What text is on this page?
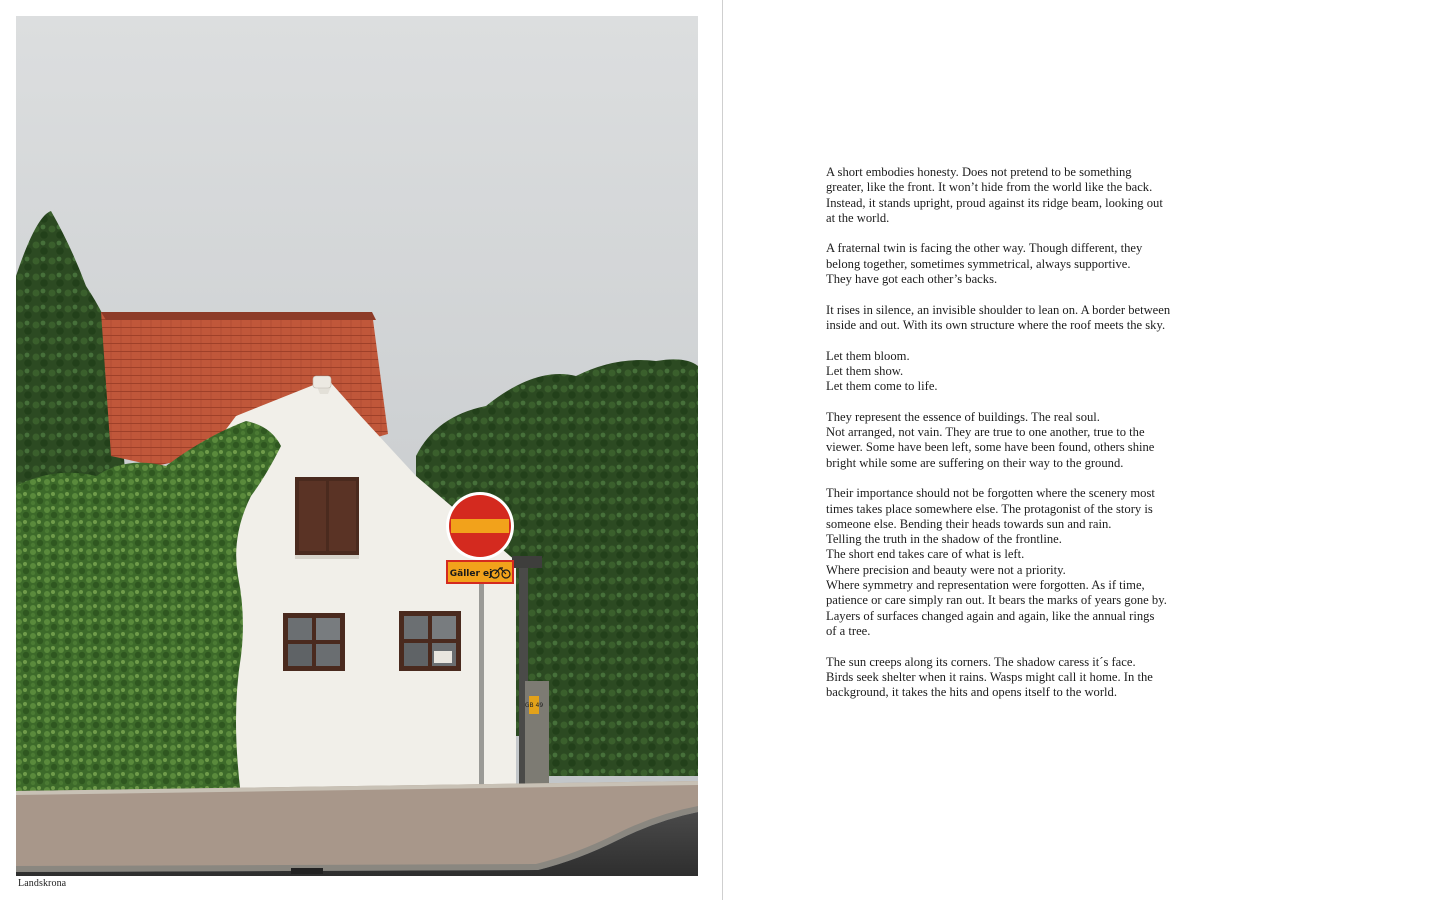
GB 49
Gäller ej
Landskrona
A short embodies honesty. Does not pretend to be something
greater, like the front. It won’t hide from the world like the back.
Instead, it stands upright, proud against its ridge beam, looking out
at the world.
A fraternal twin is facing the other way. Though different, they
belong together, sometimes symmetrical, always supportive.
They have got each other’s backs.
It rises in silence, an invisible shoulder to lean on. A border between
inside and out. With its own structure where the roof meets the sky.
Let them bloom.
Let them show.
Let them come to life.
They represent the essence of buildings. The real soul.
Not arranged, not vain. They are true to one another, true to the
viewer. Some have been left, some have been found, others shine
bright while some are suffering on their way to the ground.
Their importance should not be forgotten where the scenery most
times takes place somewhere else. The protagonist of the story is
someone else. Bending their heads towards sun and rain.
Telling the truth in the shadow of the frontline.
The short end takes care of what is left.
Where precision and beauty were not a priority.
Where symmetry and representation were forgotten. As if time,
patience or care simply ran out. It bears the marks of years gone by.
Layers of surfaces changed again and again, like the annual rings
of a tree.
The sun creeps along its corners. The shadow caress it´s face.
Birds seek shelter when it rains. Wasps might call it home. In the
background, it takes the hits and opens itself to the world.
